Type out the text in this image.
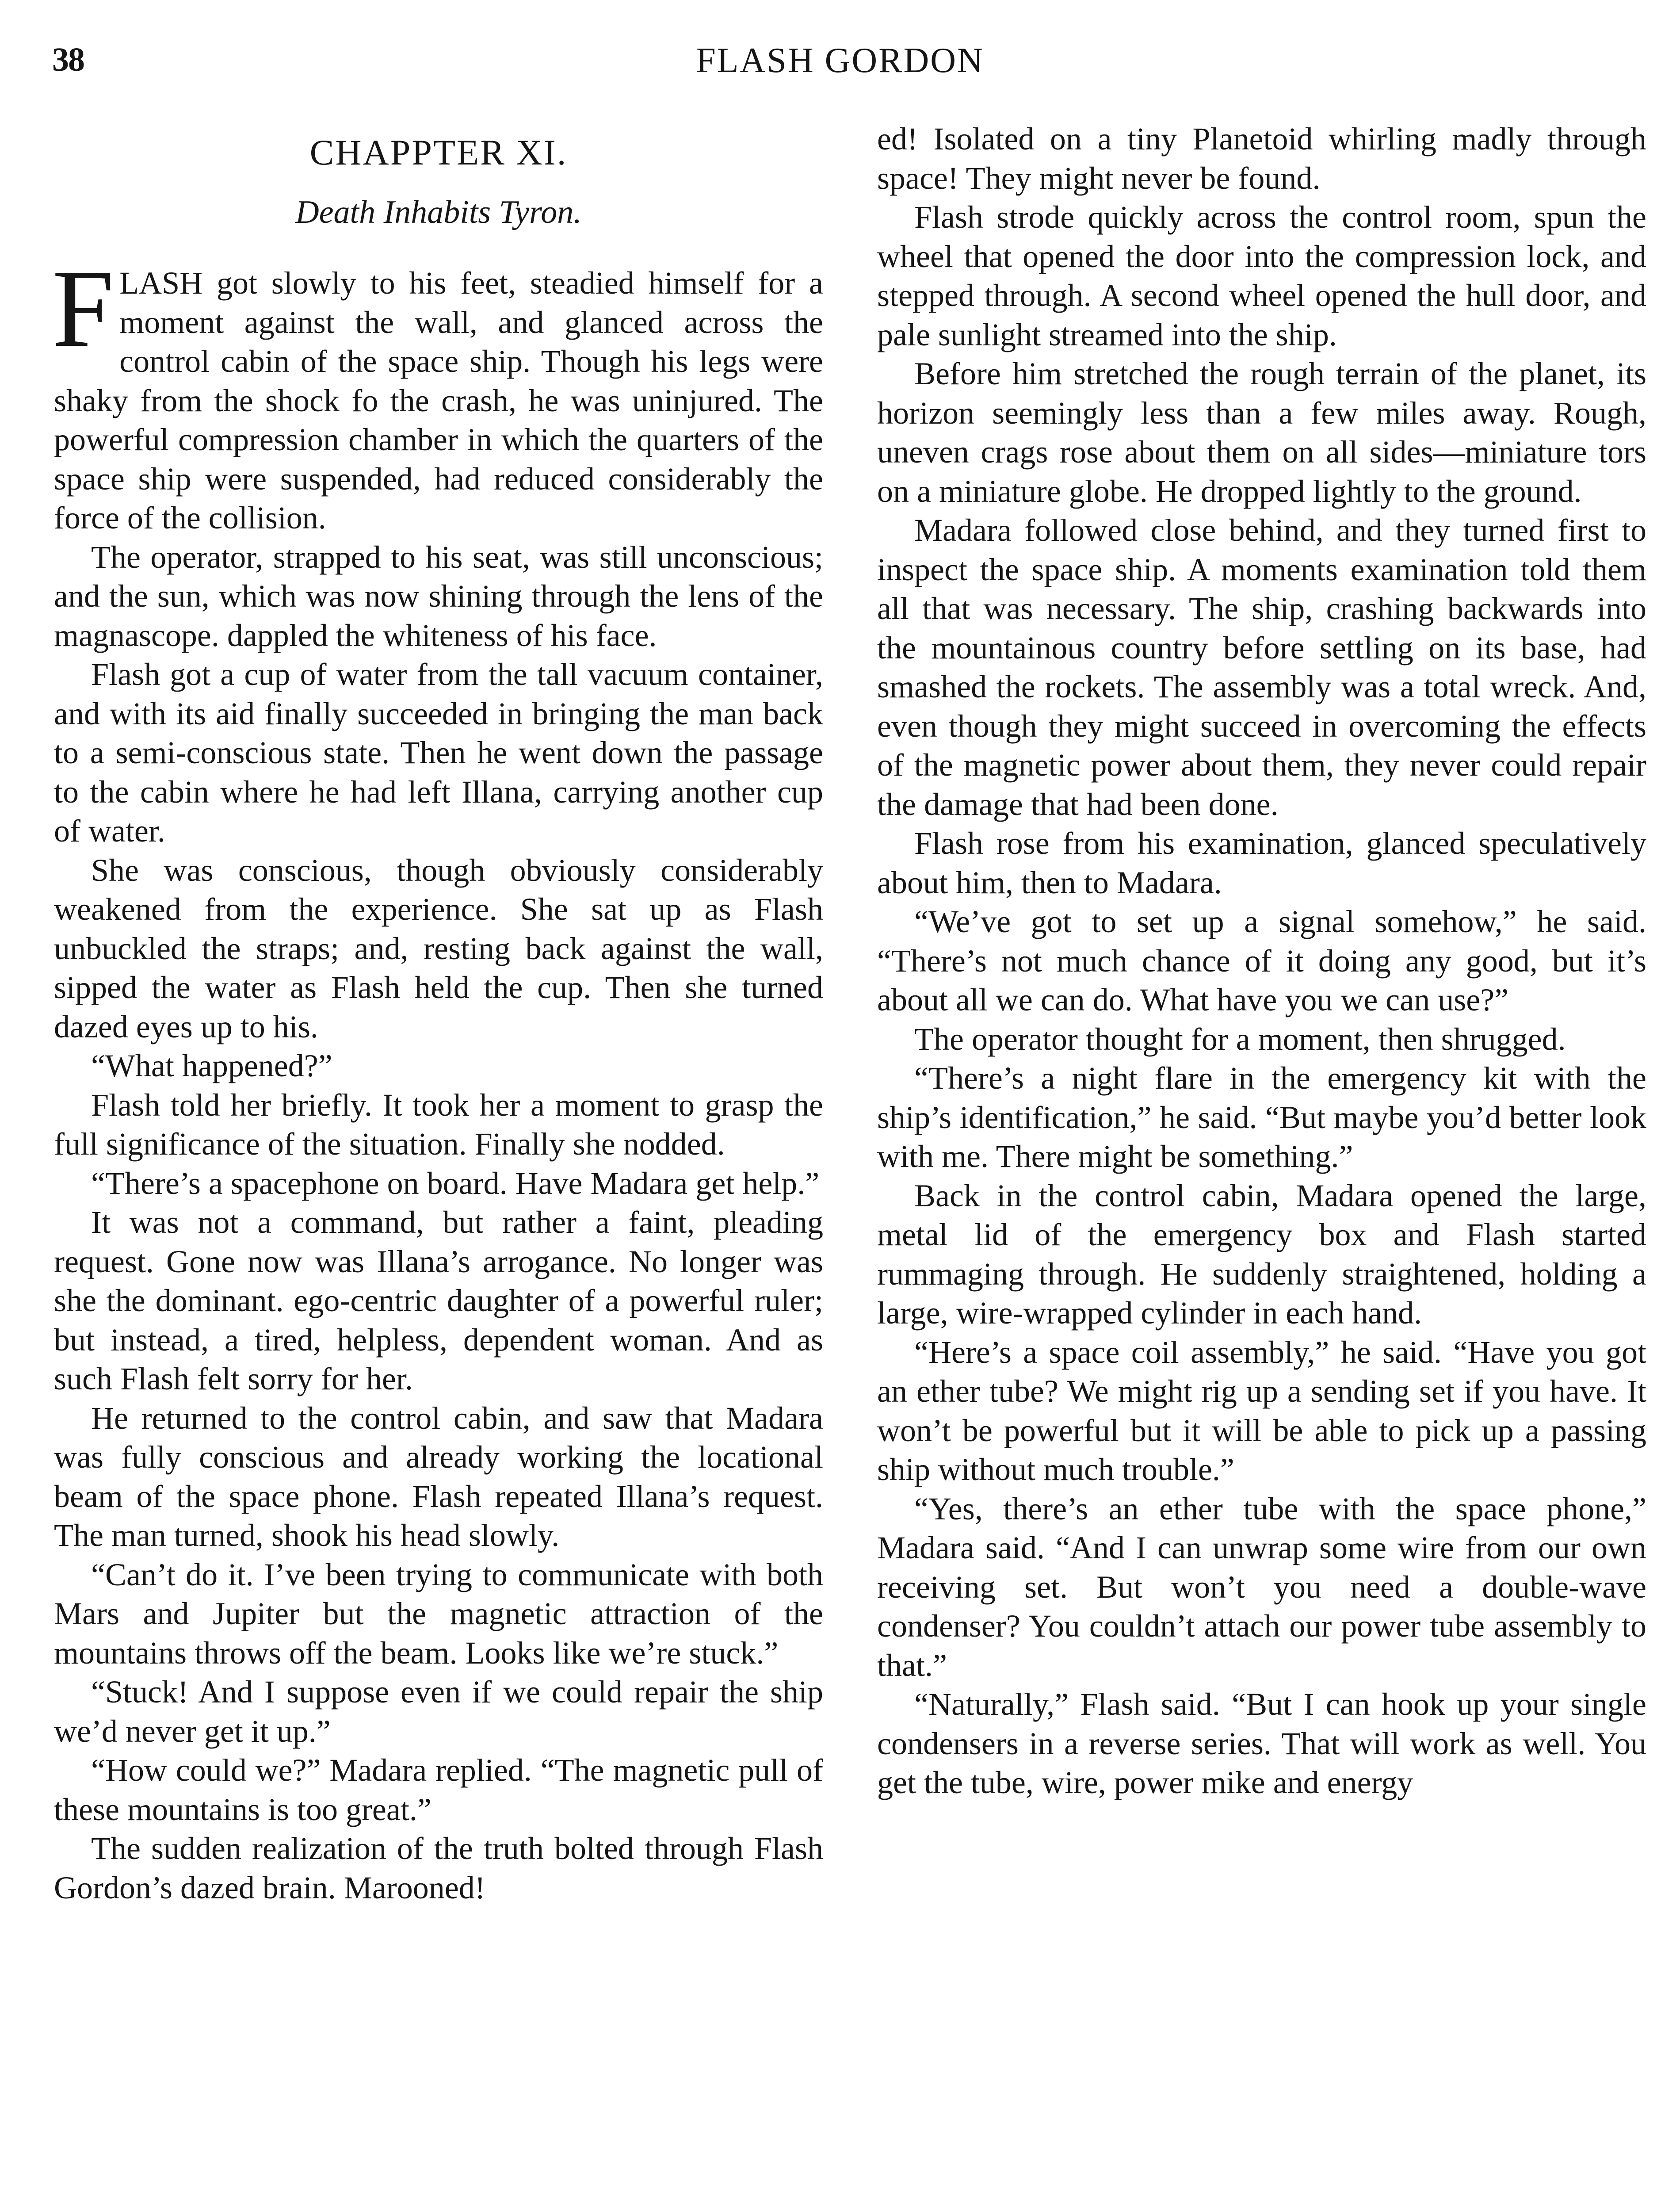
38	FLASH GORDON
CHAPPTER XI.
Death Inhabits Tyron.

FLASH got slowly to his feet, steadied himself for a moment against the wall, and glanced across the control cabin of the space ship. Though his legs were shaky from the shock fo the crash, he was uninjured. The powerful compression chamber in which the quarters of the space ship were suspended, had reduced considerably the force of the collision.

The operator, strapped to his seat, was still unconscious; and the sun, which was now shining through the lens of the magnascope. dappled the whiteness of his face.

Flash got a cup of water from the tall vacuum container, and with its aid finally succeeded in bringing the man back to a semi-conscious state. Then he went down the passage to the cabin where he had left Illana, carrying another cup of water.

She was conscious, though obviously considerably weakened from the experience. She sat up as Flash unbuckled the straps; and, resting back against the wall, sipped the water as Flash held the cup. Then she turned dazed eyes up to his.

“What happened?”

Flash told her briefly. It took her a moment to grasp the full significance of the situation. Finally she nodded.

“There’s a spacephone on board. Have Madara get help.”

It was not a command, but rather a faint, pleading request. Gone now was Illana’s arrogance. No longer was she the dominant. ego-centric daughter of a powerful ruler; but instead, a tired, helpless, dependent woman. And as such Flash felt sorry for her.

He returned to the control cabin, and saw that Madara was fully conscious and already working the locational beam of the space phone. Flash repeated Illana’s request. The man turned, shook his head slowly.

“Can’t do it. I’ve been trying to communicate with both Mars and Jupiter but the magnetic attraction of the mountains throws off the beam. Looks like we’re stuck.”

“Stuck! And I suppose even if we could repair the ship we’d never get it up.”

“How could we?” Madara replied. “The magnetic pull of these mountains is too great.”

The sudden realization of the truth bolted through Flash Gordon’s dazed brain. Marooned!

ed! Isolated on a tiny Planetoid whirling madly through space! They might never be found.

Flash strode quickly across the control room, spun the wheel that opened the door into the compression lock, and stepped through. A second wheel opened the hull door, and pale sunlight streamed into the ship.

Before him stretched the rough terrain of the planet, its horizon seemingly less than a few miles away. Rough, uneven crags rose about them on all sides—miniature tors on a miniature globe. He dropped lightly to the ground.

Madara followed close behind, and they turned first to inspect the space ship. A moments examination told them all that was necessary. The ship, crashing backwards into the mountainous country before settling on its base, had smashed the rockets. The assembly was a total wreck. And, even though they might succeed in overcoming the effects of the magnetic power about them, they never could repair the damage that had been done.

Flash rose from his examination, glanced speculatively about him, then to Madara.

“We’ve got to set up a signal somehow,” he said. “There’s not much chance of it doing any good, but it’s about all we can do. What have you we can use?”

The operator thought for a moment, then shrugged.

“There’s a night flare in the emergency kit with the ship’s identification,” he said. “But maybe you’d better look with me. There might be something.”

Back in the control cabin, Madara opened the large, metal lid of the emergency box and Flash started rummaging through. He suddenly straightened, holding a large, wire-wrapped cylinder in each hand.

“Here’s a space coil assembly,” he said. “Have you got an ether tube? We might rig up a sending set if you have. It won’t be powerful but it will be able to pick up a passing ship without much trouble.”

“Yes, there’s an ether tube with the space phone,” Madara said. “And I can unwrap some wire from our own receiving set. But won’t you need a double-wave condenser? You couldn’t attach our power tube assembly to that.”

“Naturally,” Flash said. “But I can hook up your single condensers in a reverse series. That will work as well. You get the tube, wire, power mike and energy
